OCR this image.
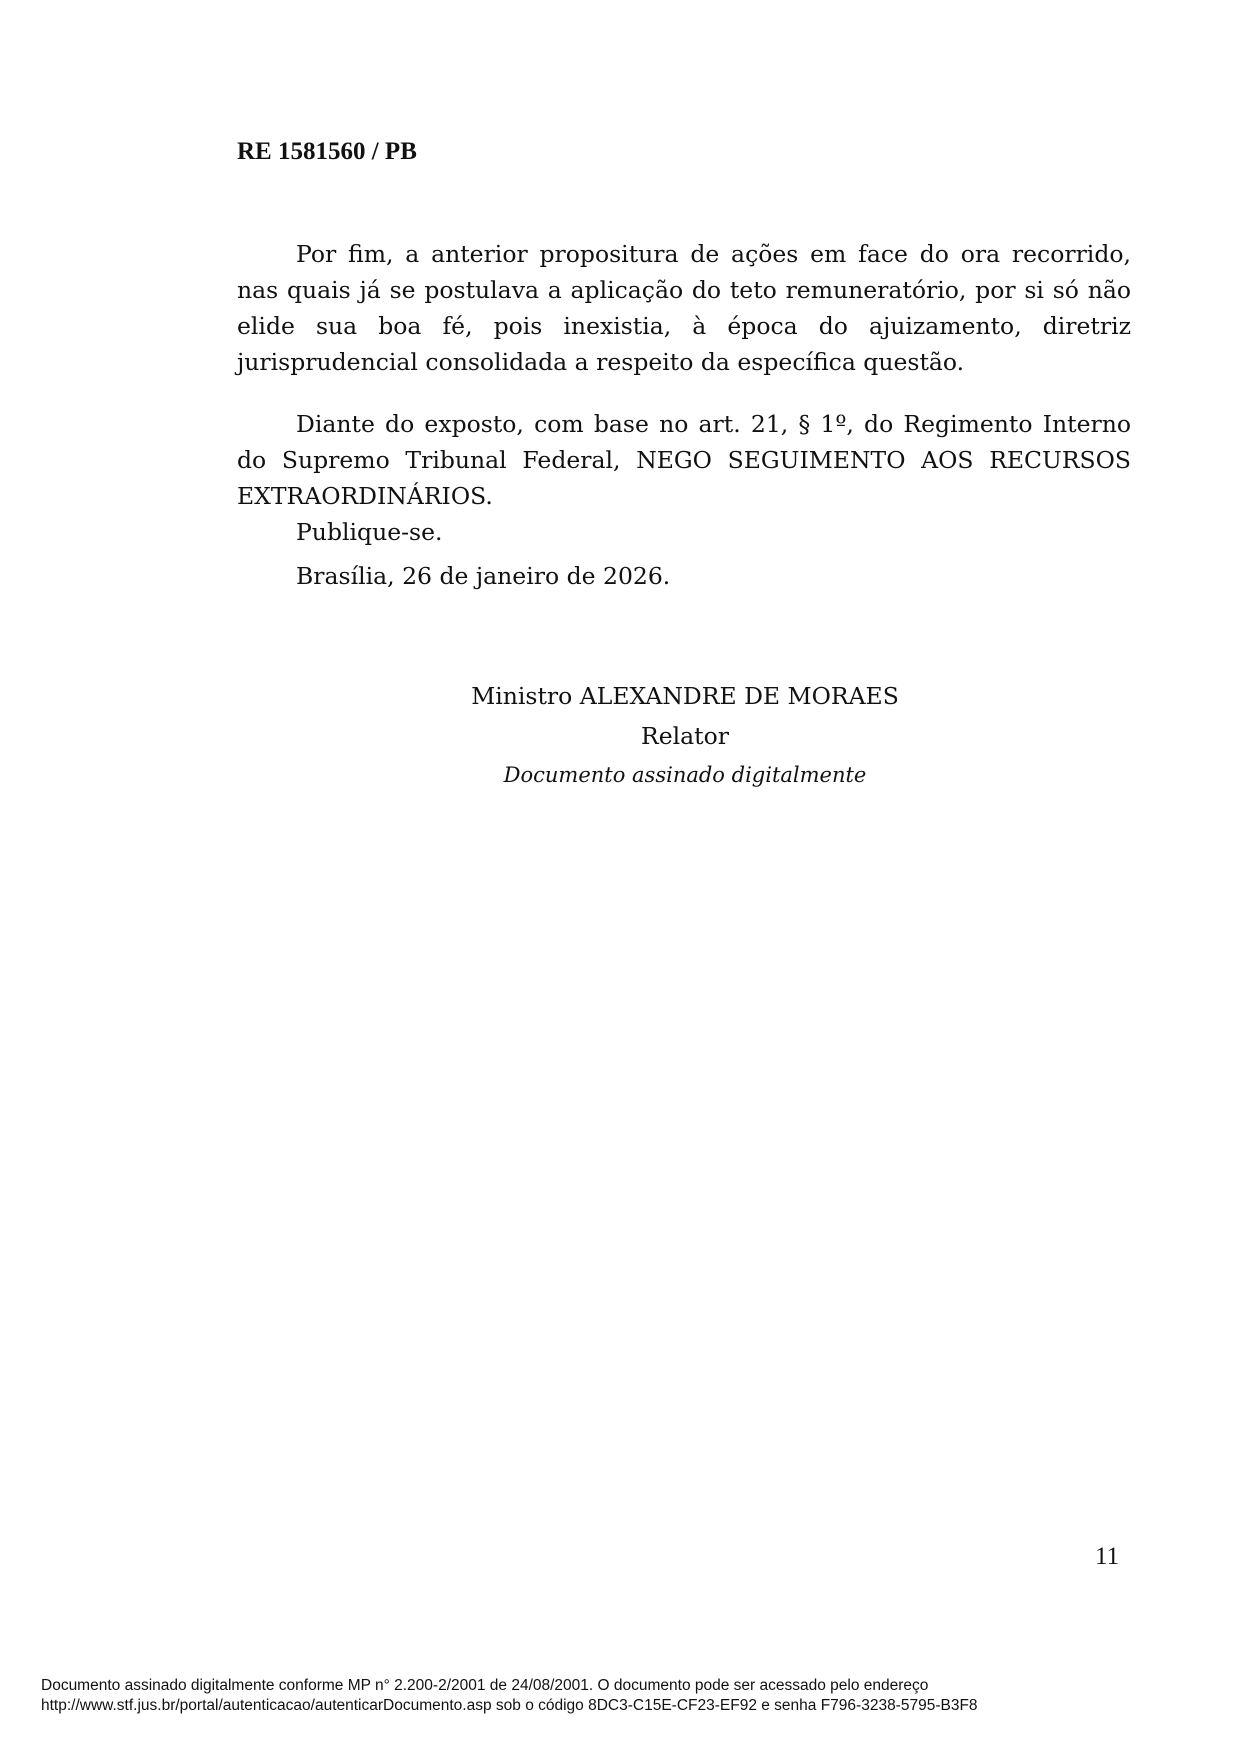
RE 1581560 / PB

Por fim, a anterior propositura de ações em face do ora recorrido, nas quais já se postulava a aplicação do teto remuneratório, por si só não elide sua boa fé, pois inexistia, à época do ajuizamento, diretriz jurisprudencial consolidada a respeito da específica questão.

Diante do exposto, com base no art. 21, § 1º, do Regimento Interno do Supremo Tribunal Federal, NEGO SEGUIMENTO AOS RECURSOS EXTRAORDINÁRIOS.

Publique-se.

Brasília, 26 de janeiro de 2026.

Ministro ALEXANDRE DE MORAES

Relator

Documento assinado digitalmente

11

Documento assinado digitalmente conforme MP n° 2.200-2/2001 de 24/08/2001. O documento pode ser acessado pelo endereço
http://www.stf.jus.br/portal/autenticacao/autenticarDocumento.asp sob o código 8DC3-C15E-CF23-EF92 e senha F796-3238-5795-B3F8
